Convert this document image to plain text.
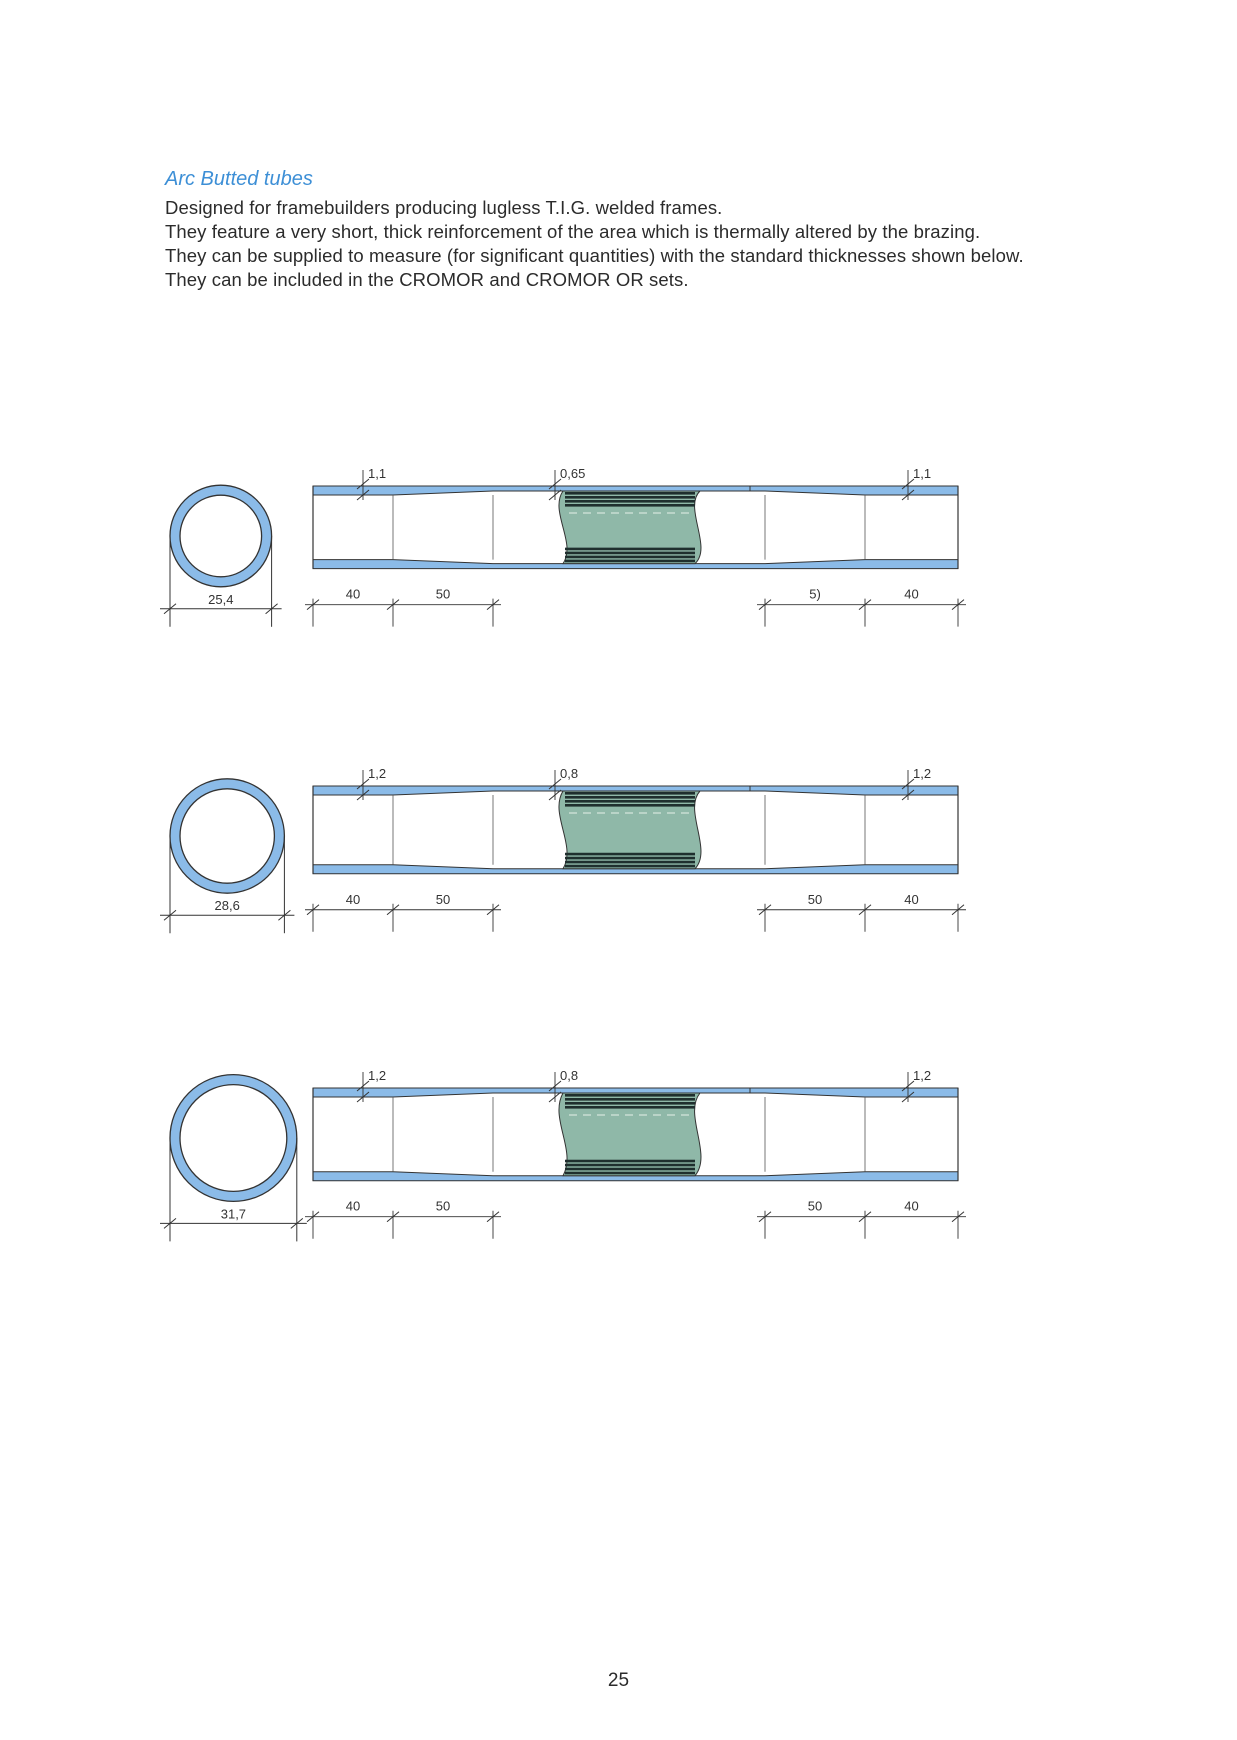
Arc Butted tubes

Designed for framebuilders producing lugless T.I.G. welded frames.

They feature a very short, thick reinforcement of the area which is thermally altered by the brazing.

They can be supplied to measure (for significant quantities) with the standard thicknesses shown below.

They can be included in the CROMOR and CROMOR OR sets.

25,4
1,1	0,65	1,1
40	50	5)	40
28,6
1,2	0,8	1,2
40	50	50	40
31,7
1,2	0,8	1,2
40	50	50	40
25
